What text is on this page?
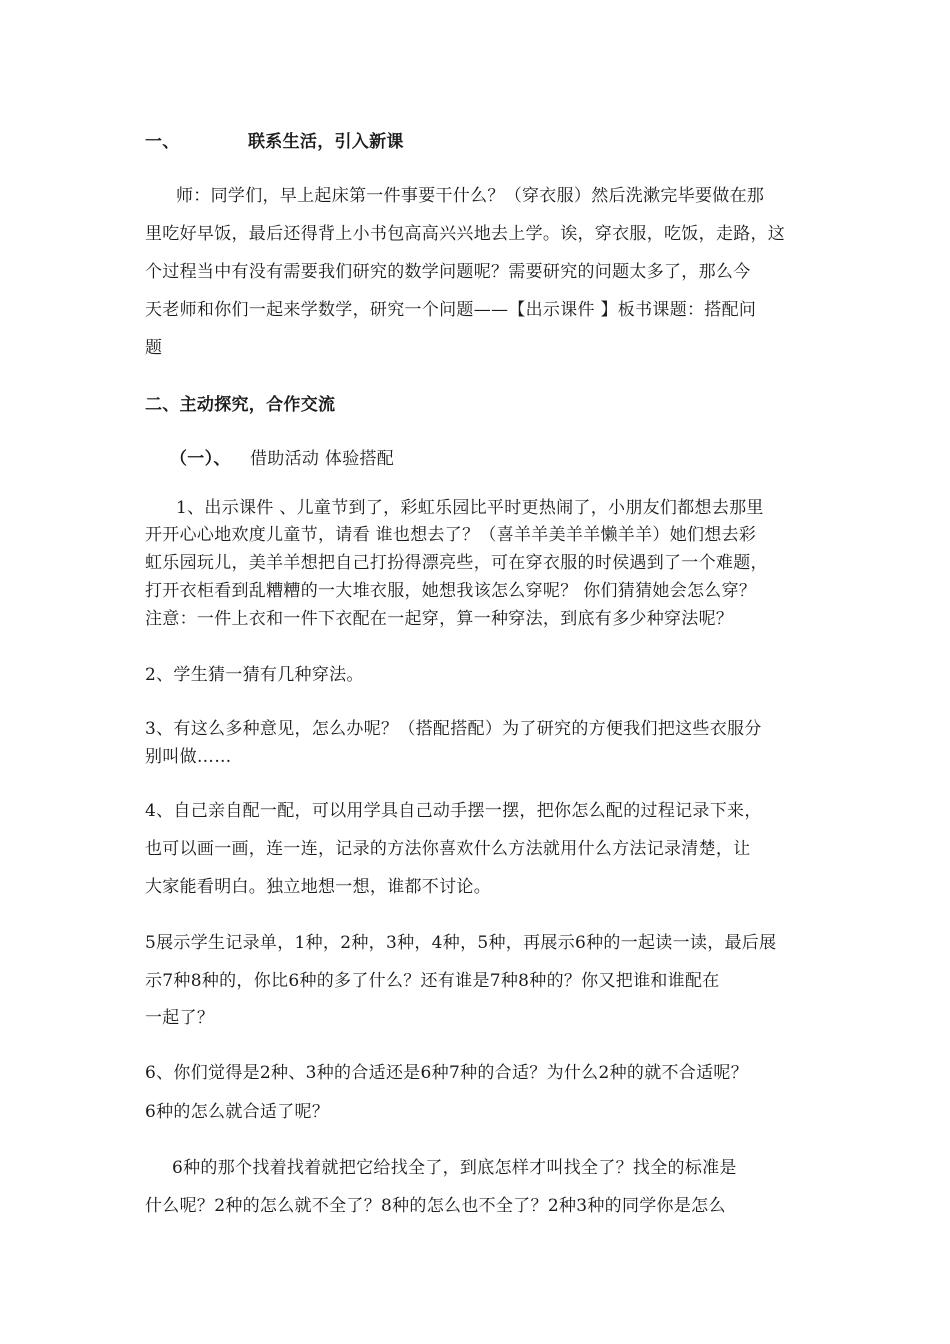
一、	联系生活，引入新课
师：同学们，早上起床第一件事要干什么？（穿衣服）然后洗漱完毕要做在那
里吃好早饭，最后还得背上小书包高高兴兴地去上学。诶，穿衣服，吃饭，走路，这
个过程当中有没有需要我们研究的数学问题呢？需要研究的问题太多了，那么今
天老师和你们一起来学数学，研究一个问题——【出示课件 】板书课题：搭配问
题
二、主动探究，合作交流
（一）、 借助活动 体验搭配
1、出示课件 、儿童节到了，彩虹乐园比平时更热闹了，小朋友们都想去那里
开开心心地欢度儿童节，请看 谁也想去了？（喜羊羊美羊羊懒羊羊）她们想去彩
虹乐园玩儿，美羊羊想把自己打扮得漂亮些，可在穿衣服的时侯遇到了一个难题，
打开衣柜看到乱糟糟的一大堆衣服，她想我该怎么穿呢？ 你们猜猜她会怎么穿？
注意：一件上衣和一件下衣配在一起穿，算一种穿法，到底有多少种穿法呢？
2、学生猜一猜有几种穿法。
3、有这么多种意见，怎么办呢？（搭配搭配）为了研究的方便我们把这些衣服分
别叫做……
4、自己亲自配一配，可以用学具自己动手摆一摆，把你怎么配的过程记录下来，
也可以画一画，连一连，记录的方法你喜欢什么方法就用什么方法记录清楚，让
大家能看明白。独立地想一想，谁都不讨论。
5展示学生记录单，1种，2种，3种，4种，5种，再展示6种的一起读一读，最后展
示7种8种的，你比6种的多了什么？还有谁是7种8种的？你又把谁和谁配在
一起了？
6、你们觉得是2种、3种的合适还是6种7种的合适？为什么2种的就不合适呢？
6种的怎么就合适了呢？
6种的那个找着找着就把它给找全了，到底怎样才叫找全了？找全的标准是
什么呢？2种的怎么就不全了？8种的怎么也不全了？2种3种的同学你是怎么
